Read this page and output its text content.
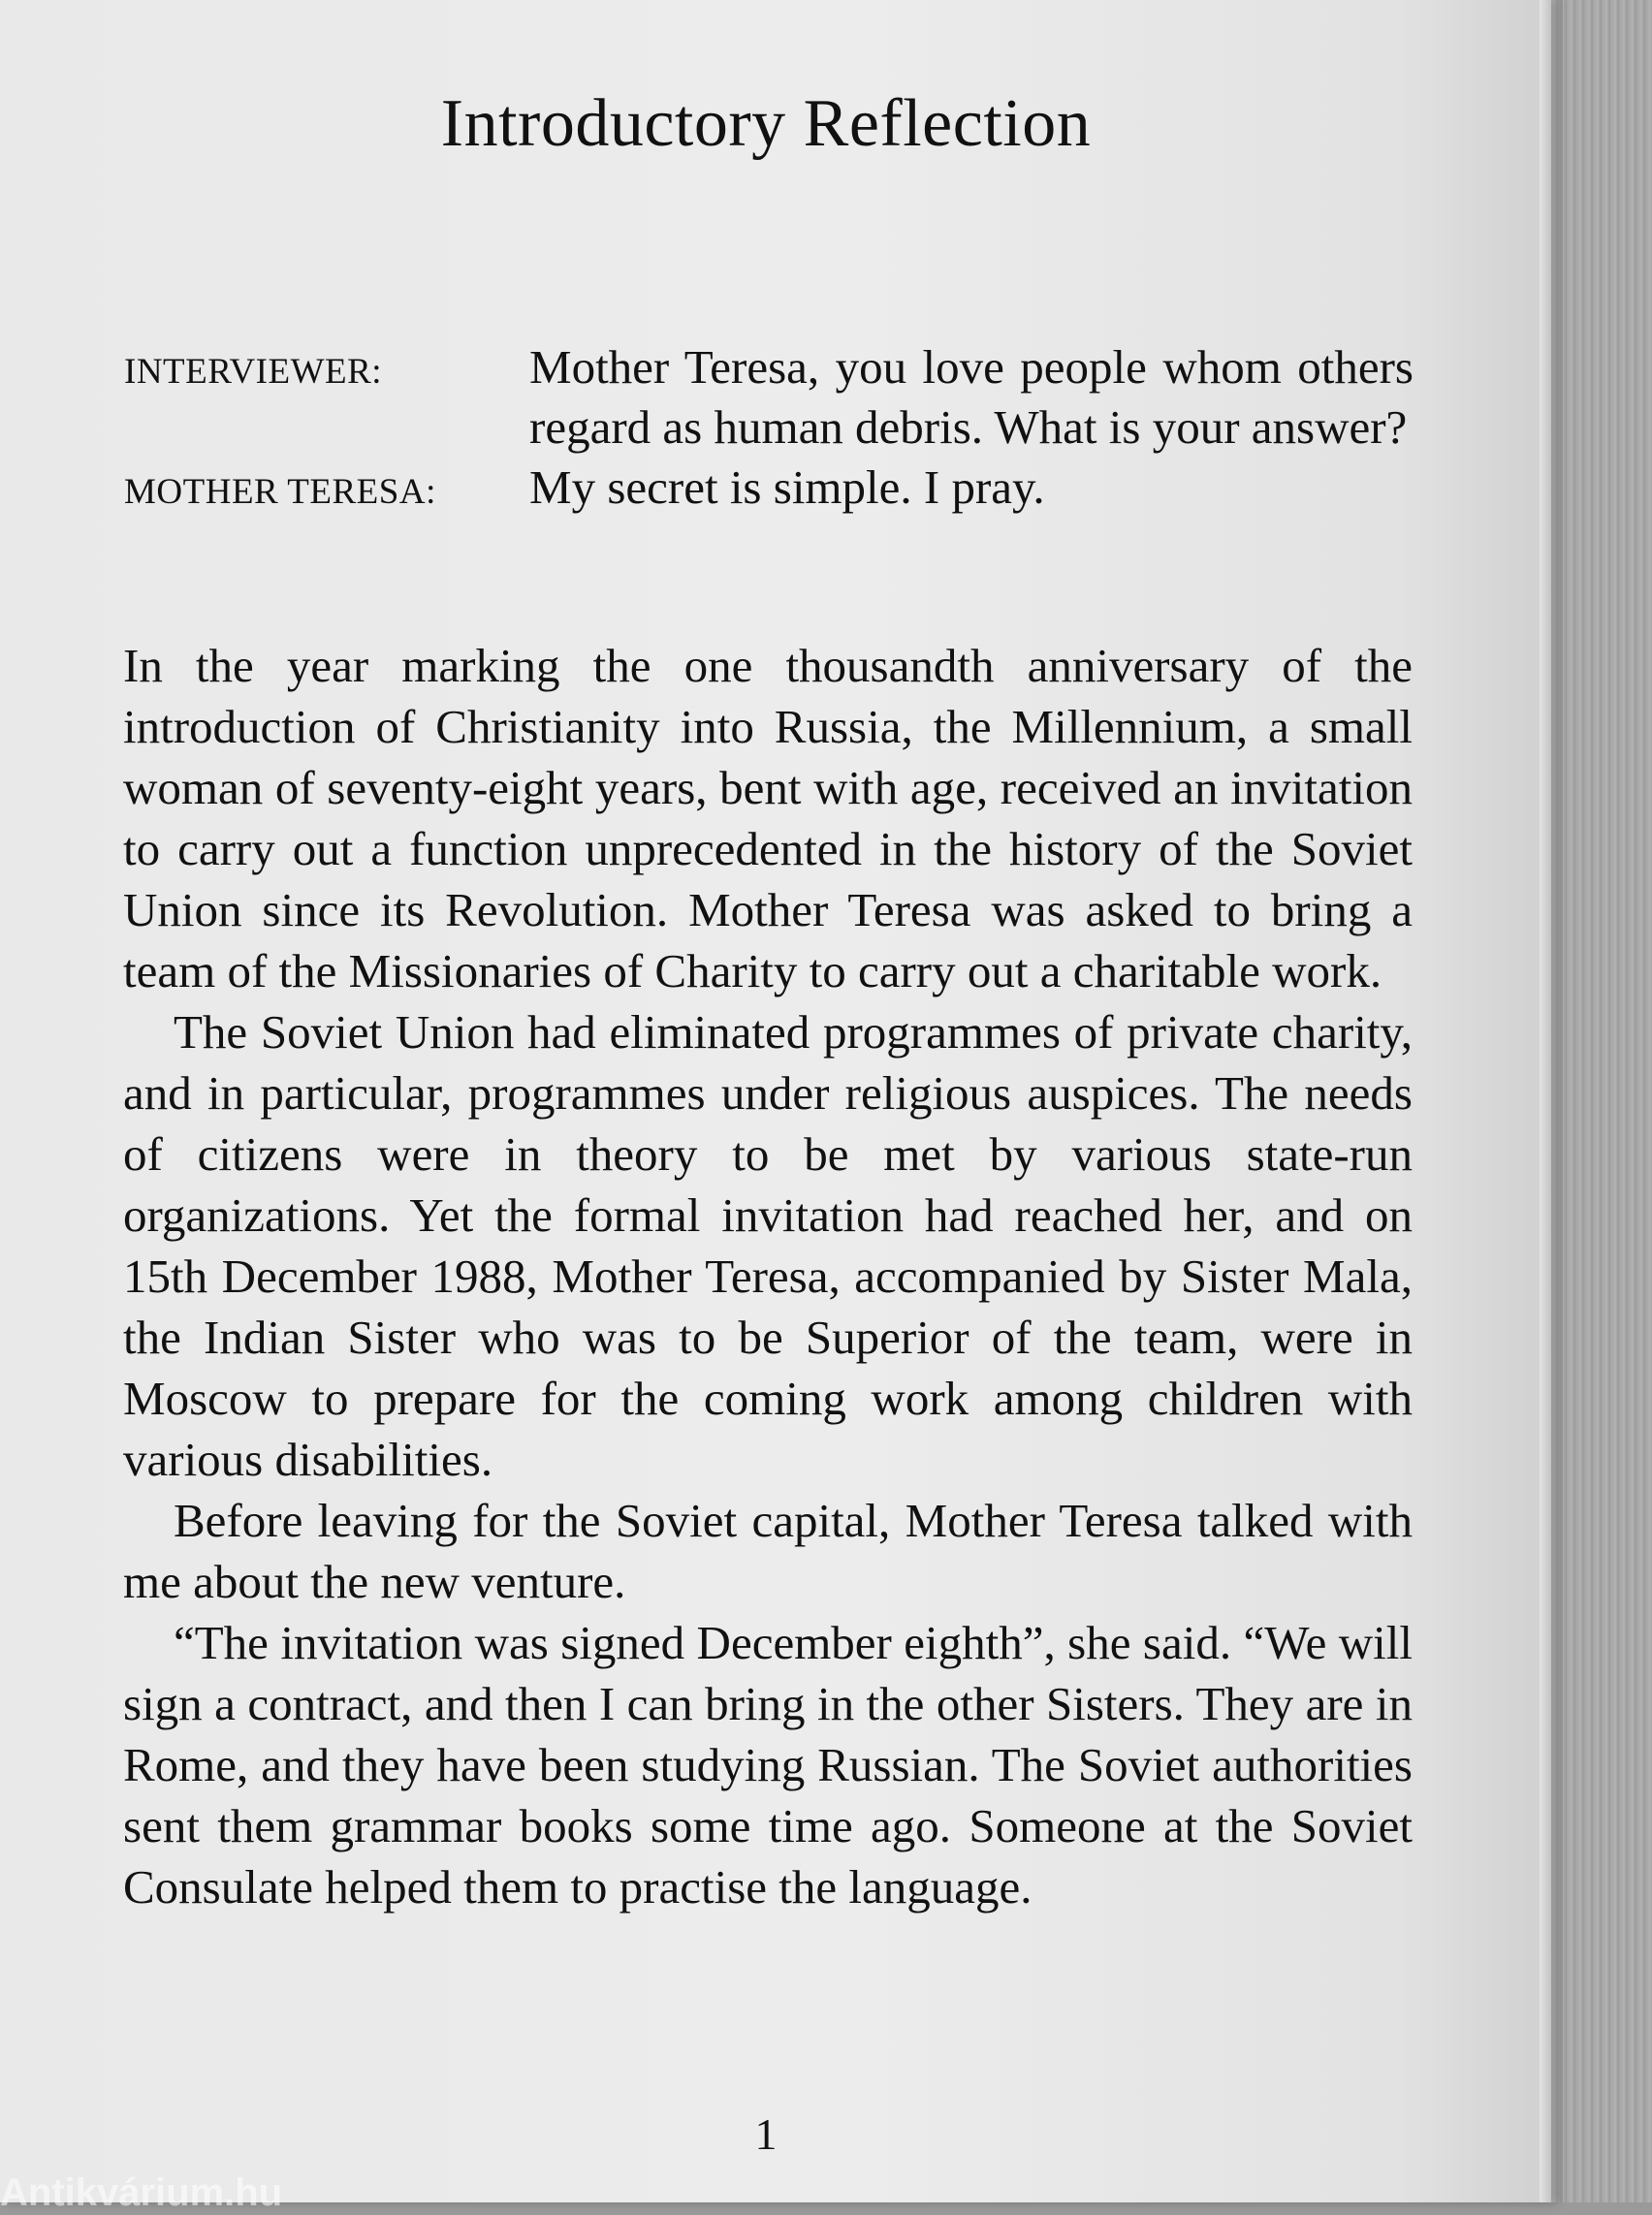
Introductory Reflection
INTERVIEWER:	Mother Teresa, you love people whom others regard as human debris. What is your answer?
MOTHER TERESA:	My secret is simple. I pray.

In the year marking the one thousandth anniversary of the introduction of Christianity into Russia, the Millennium, a small woman of seventy-eight years, bent with age, received an invitation to carry out a function unprecedented in the history of the Soviet Union since its Revolution. Mother Teresa was asked to bring a team of the Missionaries of Charity to carry out a charitable work.

The Soviet Union had eliminated programmes of private charity, and in particular, programmes under religious auspices. The needs of citizens were in theory to be met by various state-run organizations. Yet the formal invitation had reached her, and on 15th December 1988, Mother Teresa, accompanied by Sister Mala, the Indian Sister who was to be Superior of the team, were in Moscow to prepare for the coming work among children with various disabilities.

Before leaving for the Soviet capital, Mother Teresa talked with me about the new venture.

“The invitation was signed December eighth”, she said. “We will sign a contract, and then I can bring in the other Sisters. They are in Rome, and they have been studying Russian. The Soviet authorities sent them grammar books some time ago. Someone at the Soviet Consulate helped them to practise the language.

1
Antikvárium.hu
